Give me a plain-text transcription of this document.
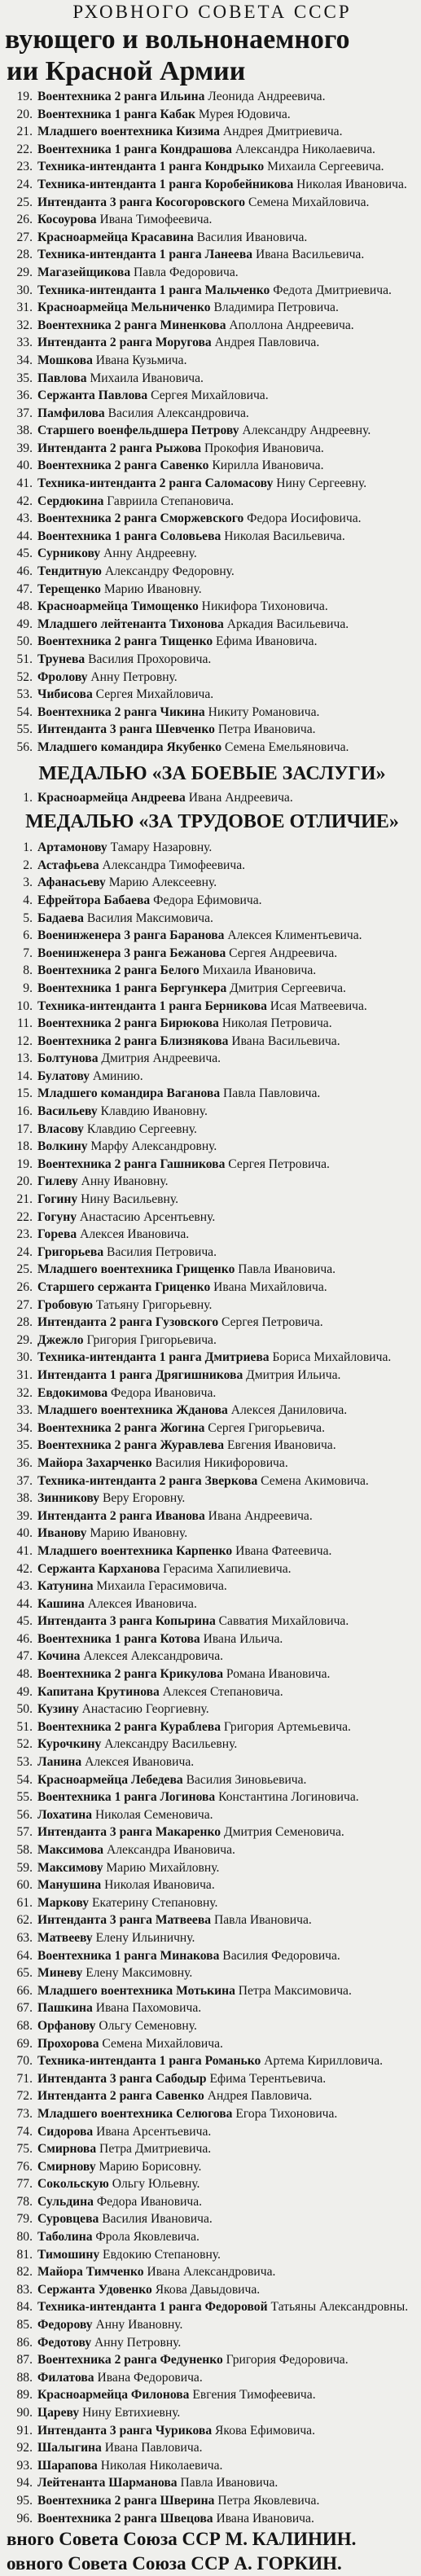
РХОВНОГО СОВЕТА СССР
вующего и вольнонаемного
ии Красной Армии
19. Воентехника 2 ранга Ильина Леонида Андреевича.
20. Воентехника 1 ранга Кабак Мурея Юдовича.
21. Младшего воентехника Кизима Андрея Дмитриевича.
22. Воентехника 1 ранга Кондрашова Александра Николаевича.
23. Техника-интенданта 1 ранга Кондрыко Михаила Сергеевича.
24. Техника-интенданта 1 ранга Коробейникова Николая Ивановича.
25. Интенданта 3 ранга Косогоровского Семена Михайловича.
26. Косоурова Ивана Тимофеевича.
27. Красноармейца Красавина Василия Ивановича.
28. Техника-интенданта 1 ранга Ланеева Ивана Васильевича.
29. Магазейщикова Павла Федоровича.
30. Техника-интенданта 1 ранга Мальченко Федота Дмитриевича.
31. Красноармейца Мельниченко Владимира Петровича.
32. Воентехника 2 ранга Миненкова Аполлона Андреевича.
33. Интенданта 2 ранга Моругова Андрея Павловича.
34. Мошкова Ивана Кузьмича.
35. Павлова Михаила Ивановича.
36. Сержанта Павлова Сергея Михайловича.
37. Памфилова Василия Александровича.
38. Старшего военфельдшера Петрову Александру Андреевну.
39. Интенданта 2 ранга Рыжова Прокофия Ивановича.
40. Воентехника 2 ранга Савенко Кирилла Ивановича.
41. Техника-интенданта 2 ранга Саломасову Нину Сергеевну.
42. Сердюкина Гавриила Степановича.
43. Воентехника 2 ранга Сморжевского Федора Иосифовича.
44. Воентехника 1 ранга Соловьева Николая Васильевича.
45. Сурникову Анну Андреевну.
46. Тендитную Александру Федоровну.
47. Терещенко Марию Ивановну.
48. Красноармейца Тимощенко Никифора Тихоновича.
49. Младшего лейтенанта Тихонова Аркадия Васильевича.
50. Воентехника 2 ранга Тищенко Ефима Ивановича.
51. Трунева Василия Прохоровича.
52. Фролову Анну Петровну.
53. Чибисова Сергея Михайловича.
54. Воентехника 2 ранга Чикина Никиту Романовича.
55. Интенданта 3 ранга Шевченко Петра Ивановича.
56. Младшего командира Якубенко Семена Емельяновича.
МЕДАЛЬЮ «ЗА БОЕВЫЕ ЗАСЛУГИ»
1. Красноармейца Андреева Ивана Андреевича.
МЕДАЛЬЮ «ЗА ТРУДОВОЕ ОТЛИЧИЕ»
1. Артамонову Тамару Назаровну.
2. Астафьева Александра Тимофеевича.
3. Афанасьеву Марию Алексеевну.
4. Ефрейтора Бабаева Федора Ефимовича.
5. Бадаева Василия Максимовича.
6. Военинженера 3 ранга Баранова Алексея Климентьевича.
7. Военинженера 3 ранга Бежанова Сергея Андреевича.
8. Воентехника 2 ранга Белого Михаила Ивановича.
9. Воентехника 1 ранга Бергункера Дмитрия Сергеевича.
10. Техника-интенданта 1 ранга Берникова Исая Матвеевича.
11. Воентехника 2 ранга Бирюкова Николая Петровича.
12. Воентехника 2 ранга Близнякова Ивана Васильевича.
13. Болтунова Дмитрия Андреевича.
14. Булатову Аминию.
15. Младшего командира Ваганова Павла Павловича.
16. Васильеву Клавдию Ивановну.
17. Власову Клавдию Сергеевну.
18. Волкину Марфу Александровну.
19. Воентехника 2 ранга Гашникова Сергея Петровича.
20. Гилеву Анну Ивановну.
21. Гогину Нину Васильевну.
22. Гогуну Анастасию Арсентьевну.
23. Горева Алексея Ивановича.
24. Григорьева Василия Петровича.
25. Младшего воентехника Грищенко Павла Ивановича.
26. Старшего сержанта Гриценко Ивана Михайловича.
27. Гробовую Татьяну Григорьевну.
28. Интенданта 2 ранга Гузовского Сергея Петровича.
29. Джежло Григория Григорьевича.
30. Техника-интенданта 1 ранга Дмитриева Бориса Михайловича.
31. Интенданта 1 ранга Дрягишникова Дмитрия Ильича.
32. Евдокимова Федора Ивановича.
33. Младшего воентехника Жданова Алексея Даниловича.
34. Воентехника 2 ранга Жогина Сергея Григорьевича.
35. Воентехника 2 ранга Журавлева Евгения Ивановича.
36. Майора Захарченко Василия Никифоровича.
37. Техника-интенданта 2 ранга Зверкова Семена Акимовича.
38. Зинникову Веру Егоровну.
39. Интенданта 2 ранга Иванова Ивана Андреевича.
40. Иванову Марию Ивановну.
41. Младшего воентехника Карпенко Ивана Фатеевича.
42. Сержанта Карханова Герасима Хапилиевича.
43. Катунина Михаила Герасимовича.
44. Кашина Алексея Ивановича.
45. Интенданта 3 ранга Копырина Савватия Михайловича.
46. Воентехника 1 ранга Котова Ивана Ильича.
47. Кочина Алексея Александровича.
48. Воентехника 2 ранга Крикулова Романа Ивановича.
49. Капитана Крутинова Алексея Степановича.
50. Кузину Анастасию Георгиевну.
51. Воентехника 2 ранга Кураблева Григория Артемьевича.
52. Курочкину Александру Васильевну.
53. Ланина Алексея Ивановича.
54. Красноармейца Лебедева Василия Зиновьевича.
55. Воентехника 1 ранга Логинова Константина Логиновича.
56. Лохатина Николая Семеновича.
57. Интенданта 3 ранга Макаренко Дмитрия Семеновича.
58. Максимова Александра Ивановича.
59. Максимову Марию Михайловну.
60. Манушина Николая Ивановича.
61. Маркову Екатерину Степановну.
62. Интенданта 3 ранга Матвеева Павла Ивановича.
63. Матвееву Елену Ильиничну.
64. Воентехника 1 ранга Минакова Василия Федоровича.
65. Миневу Елену Максимовну.
66. Младшего воентехника Мотькина Петра Максимовича.
67. Пашкина Ивана Пахомовича.
68. Орфанову Ольгу Семеновну.
69. Прохорова Семена Михайловича.
70. Техника-интенданта 1 ранга Романько Артема Кирилловича.
71. Интенданта 3 ранга Сабодыр Ефима Терентьевича.
72. Интенданта 2 ранга Савенко Андрея Павловича.
73. Младшего воентехника Селюгова Егора Тихоновича.
74. Сидорова Ивана Арсентьевича.
75. Смирнова Петра Дмитриевича.
76. Смирнову Марию Борисовну.
77. Сокольскую Ольгу Юльевну.
78. Сульдина Федора Ивановича.
79. Суровцева Василия Ивановича.
80. Таболина Фрола Яковлевича.
81. Тимошину Евдокию Степановну.
82. Майора Тимченко Ивана Александровича.
83. Сержанта Удовенко Якова Давыдовича.
84. Техника-интенданта 1 ранга Федоровой Татьяны Александровны.
85. Федорову Анну Ивановну.
86. Федотову Анну Петровну.
87. Воентехника 2 ранга Федуненко Григория Федоровича.
88. Филатова Ивана Федоровича.
89. Красноармейца Филонова Евгения Тимофеевича.
90. Цареву Нину Евтихиевну.
91. Интенданта 3 ранга Чурикова Якова Ефимовича.
92. Шалыгина Ивана Павловича.
93. Шарапова Николая Николаевича.
94. Лейтенанта Шарманова Павла Ивановича.
95. Воентехника 2 ранга Шверина Петра Яковлевича.
96. Воентехника 2 ранга Швецова Ивана Ивановича.
вного Совета Союза ССР М. КАЛИНИН.
овного Совета Союза ССР А. ГОРКИН.
